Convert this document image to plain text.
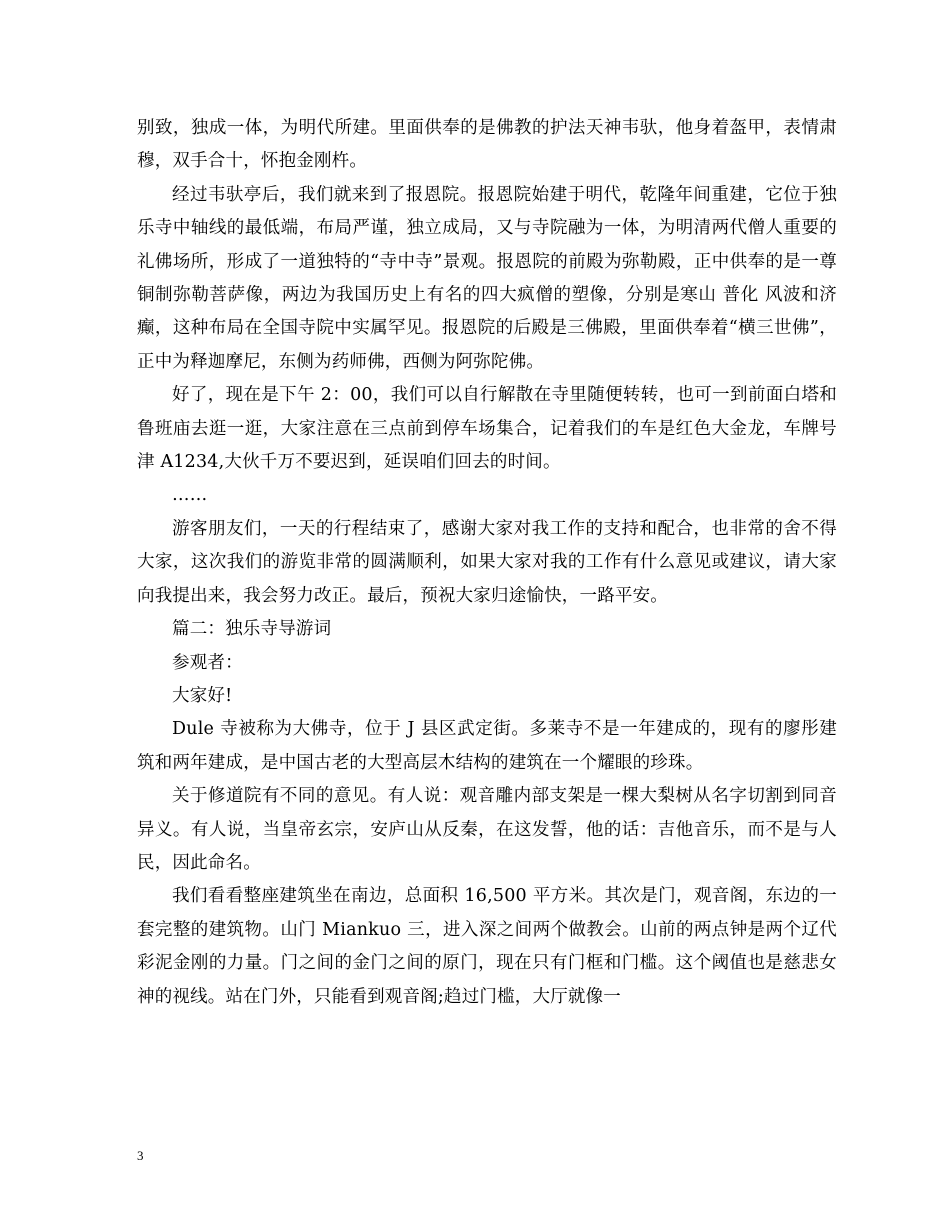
别致，独成一体，为明代所建。里面供奉的是佛教的护法天神韦驮，他身着盔甲，表情肃穆，双手合十，怀抱金刚杵。

经过韦驮亭后，我们就来到了报恩院。报恩院始建于明代，乾隆年间重建，它位于独乐寺中轴线的最低端，布局严谨，独立成局，又与寺院融为一体，为明清两代僧人重要的礼佛场所，形成了一道独特的“寺中寺”景观。报恩院的前殿为弥勒殿，正中供奉的是一尊铜制弥勒菩萨像，两边为我国历史上有名的四大疯僧的塑像，分别是寒山 普化 风波和济癫，这种布局在全国寺院中实属罕见。报恩院的后殿是三佛殿，里面供奉着“横三世佛”，正中为释迦摩尼，东侧为药师佛，西侧为阿弥陀佛。

好了，现在是下午 2：00，我们可以自行解散在寺里随便转转，也可一到前面白塔和鲁班庙去逛一逛，大家注意在三点前到停车场集合，记着我们的车是红色大金龙，车牌号津 A1234,大伙千万不要迟到，延误咱们回去的时间。

……

游客朋友们，一天的行程结束了，感谢大家对我工作的支持和配合，也非常的舍不得大家，这次我们的游览非常的圆满顺利，如果大家对我的工作有什么意见或建议，请大家向我提出来，我会努力改正。最后，预祝大家归途愉快，一路平安。

篇二：独乐寺导游词

参观者：

大家好!

Dule 寺被称为大佛寺，位于 J 县区武定街。多莱寺不是一年建成的，现有的廖彤建筑和两年建成，是中国古老的大型高层木结构的建筑在一个耀眼的珍珠。

关于修道院有不同的意见。有人说：观音雕内部支架是一棵大梨树从名字切割到同音异义。有人说，当皇帝玄宗，安庐山从反秦，在这发誓，他的话：吉他音乐，而不是与人民，因此命名。

我们看看整座建筑坐在南边，总面积 16,500 平方米。其次是门，观音阁，东边的一套完整的建筑物。山门 Miankuo 三，进入深之间两个做教会。山前的两点钟是两个辽代彩泥金刚的力量。门之间的金门之间的原门，现在只有门框和门槛。这个阈值也是慈悲女神的视线。站在门外，只能看到观音阁;趋过门槛，大厅就像一

3
